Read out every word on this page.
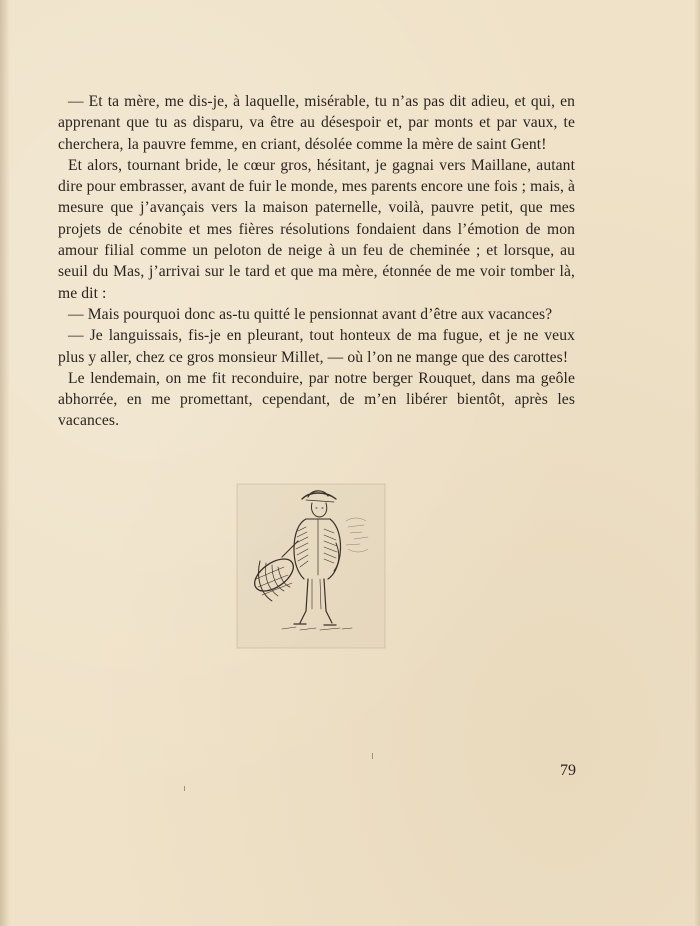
— Et ta mère, me dis-je, à laquelle, misérable, tu n’as pas dit adieu, et qui, en apprenant que tu as disparu, va être au désespoir et, par monts et par vaux, te cherchera, la pauvre femme, en criant, désolée comme la mère de saint Gent!

Et alors, tournant bride, le cœur gros, hésitant, je gagnai vers Maillane, autant dire pour embrasser, avant de fuir le monde, mes parents encore une fois ; mais, à mesure que j’avançais vers la maison paternelle, voilà, pauvre petit, que mes projets de cénobite et mes fières résolutions fondaient dans l’émotion de mon amour filial comme un peloton de neige à un feu de cheminée ; et lorsque, au seuil du Mas, j’arrivai sur le tard et que ma mère, étonnée de me voir tomber là, me dit :

— Mais pourquoi donc as-tu quitté le pensionnat avant d’être aux vacances?

— Je languissais, fis-je en pleurant, tout honteux de ma fugue, et je ne veux plus y aller, chez ce gros monsieur Millet, — où l’on ne mange que des carottes!

Le lendemain, on me fit reconduire, par notre berger Rouquet, dans ma geôle abhorrée, en me promettant, cependant, de m’en libérer bientôt, après les vacances.

79
